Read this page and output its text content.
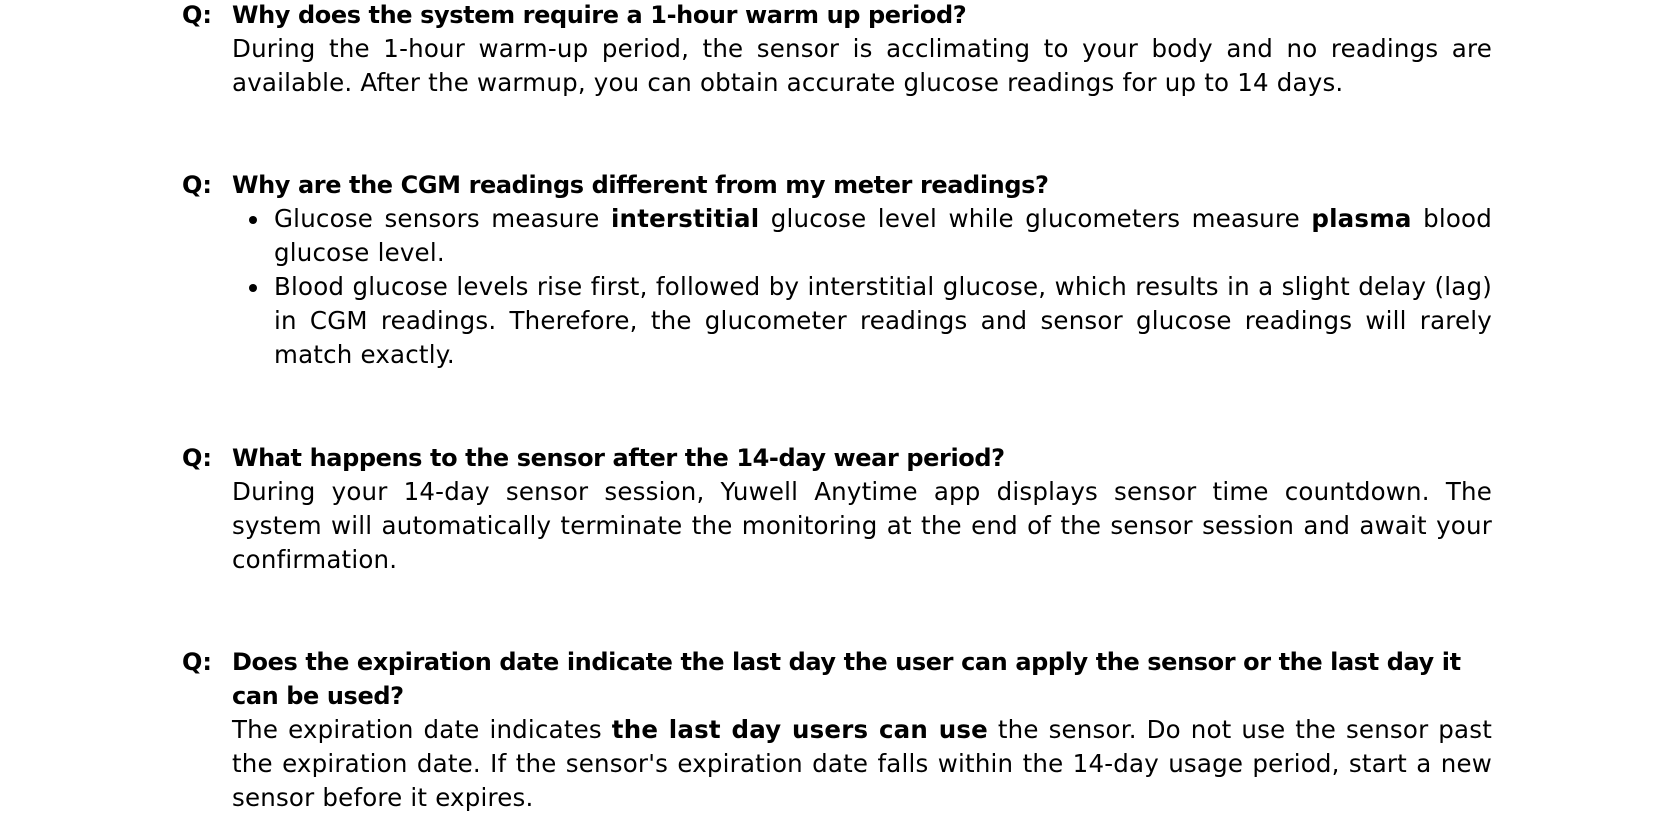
Q: Why does the system require a 1-hour warm up period?

During the 1-hour warm-up period, the sensor is acclimating to your body and no readings are available. After the warmup, you can obtain accurate glucose readings for up to 14 days.

Q: Why are the CGM readings different from my meter readings?
Glucose sensors measure interstitial glucose level while glucometers measure plasma blood glucose level.
Blood glucose levels rise first, followed by interstitial glucose, which results in a slight delay (lag) in CGM readings. Therefore, the glucometer readings and sensor glucose readings will rarely match exactly.
Q: What happens to the sensor after the 14-day wear period?

During your 14-day sensor session, Yuwell Anytime app displays sensor time countdown. The system will automatically terminate the monitoring at the end of the sensor session and await your confirmation.

Q: Does the expiration date indicate the last day the user can apply the sensor or the last day it can be used?

The expiration date indicates the last day users can use the sensor. Do not use the sensor past the expiration date. If the sensor's expiration date falls within the 14-day usage period, start a new sensor before it expires.
